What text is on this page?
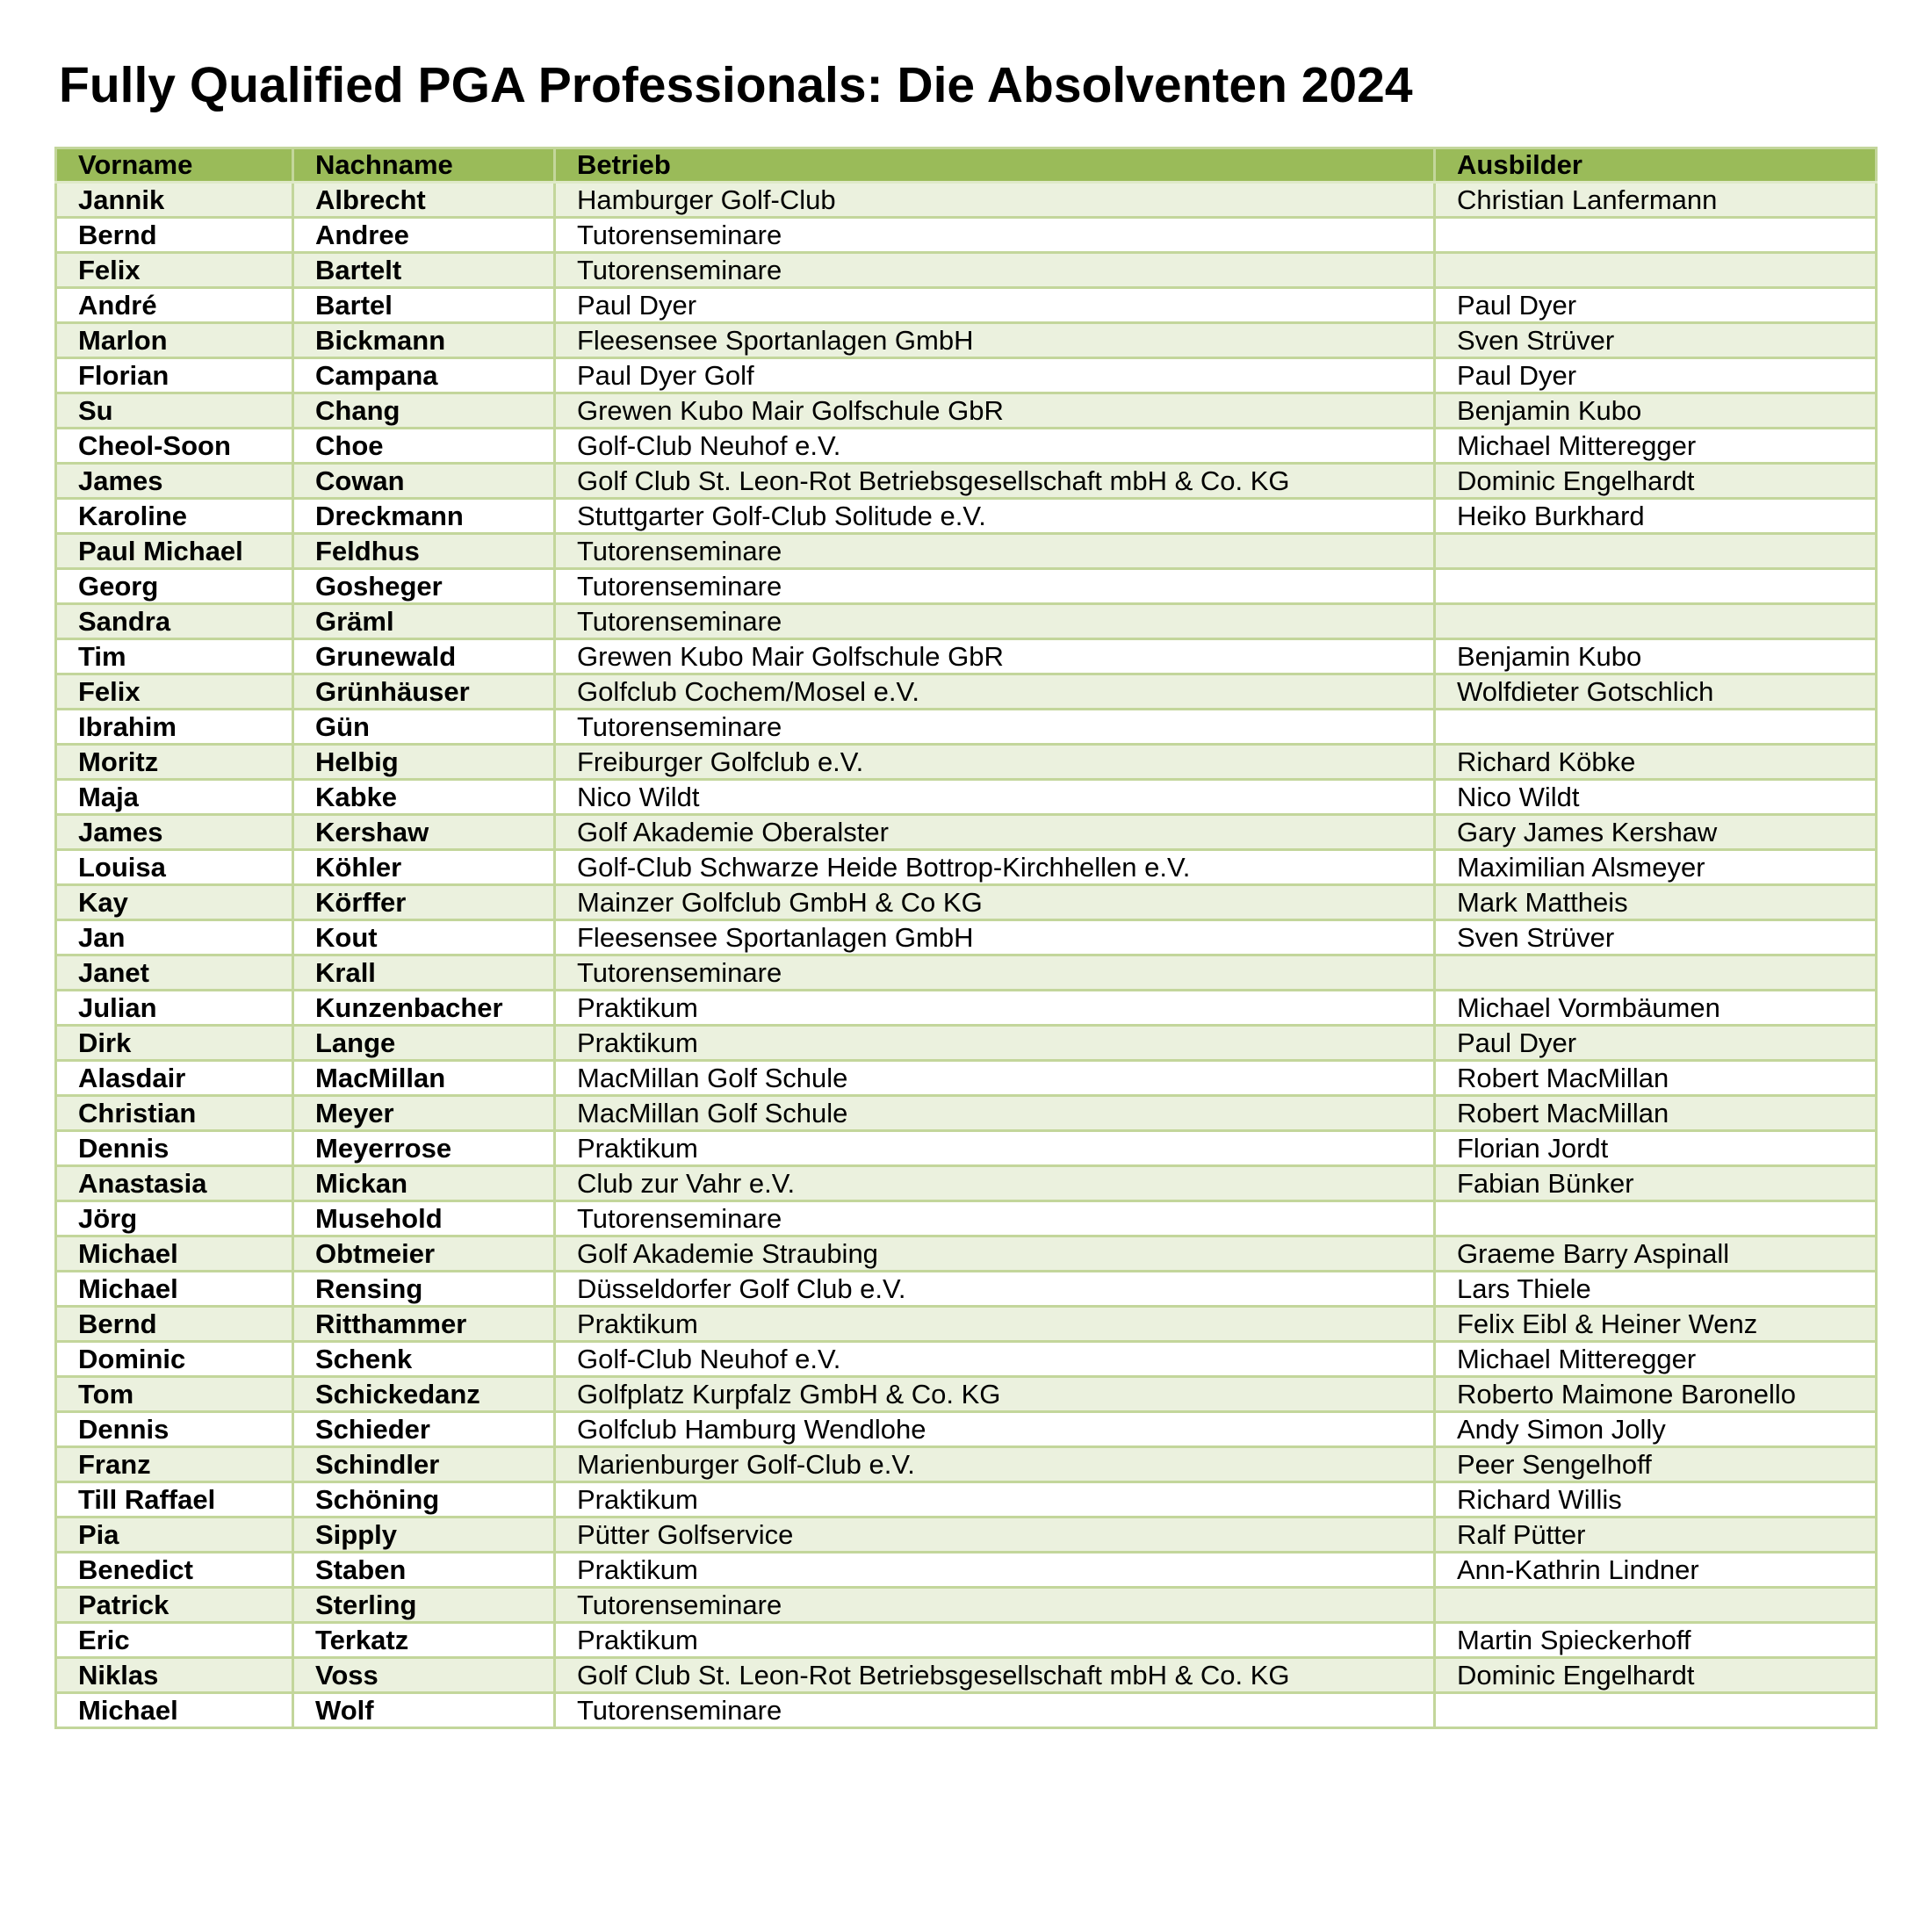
Fully Qualified PGA Professionals: Die Absolventen 2024
Vorname	Nachname	Betrieb	Ausbilder
Jannik	Albrecht	Hamburger Golf-Club	Christian Lanfermann
Bernd	Andree	Tutorenseminare	
Felix	Bartelt	Tutorenseminare	
André	Bartel	Paul Dyer	Paul Dyer
Marlon	Bickmann	Fleesensee Sportanlagen GmbH	Sven Strüver
Florian	Campana	Paul Dyer Golf	Paul Dyer
Su	Chang	Grewen Kubo Mair Golfschule GbR	Benjamin Kubo
Cheol-Soon	Choe	Golf-Club Neuhof e.V.	Michael Mitteregger
James	Cowan	Golf Club St. Leon-Rot Betriebsgesellschaft mbH & Co. KG	Dominic Engelhardt
Karoline	Dreckmann	Stuttgarter Golf-Club Solitude e.V.	Heiko Burkhard
Paul Michael	Feldhus	Tutorenseminare	
Georg	Gosheger	Tutorenseminare	
Sandra	Gräml	Tutorenseminare	
Tim	Grunewald	Grewen Kubo Mair Golfschule GbR	Benjamin Kubo
Felix	Grünhäuser	Golfclub Cochem/Mosel e.V.	Wolfdieter Gotschlich
Ibrahim	Gün	Tutorenseminare	
Moritz	Helbig	Freiburger Golfclub e.V.	Richard Köbke
Maja	Kabke	Nico Wildt	Nico Wildt
James	Kershaw	Golf Akademie Oberalster	Gary James Kershaw
Louisa	Köhler	Golf-Club Schwarze Heide Bottrop-Kirchhellen e.V.	Maximilian Alsmeyer
Kay	Körffer	Mainzer Golfclub GmbH & Co KG	Mark Mattheis
Jan	Kout	Fleesensee Sportanlagen GmbH	Sven Strüver
Janet	Krall	Tutorenseminare	
Julian	Kunzenbacher	Praktikum	Michael Vormbäumen
Dirk	Lange	Praktikum	Paul Dyer
Alasdair	MacMillan	MacMillan Golf Schule	Robert MacMillan
Christian	Meyer	MacMillan Golf Schule	Robert MacMillan
Dennis	Meyerrose	Praktikum	Florian Jordt
Anastasia	Mickan	Club zur Vahr e.V.	Fabian Bünker
Jörg	Musehold	Tutorenseminare	
Michael	Obtmeier	Golf Akademie Straubing	Graeme Barry Aspinall
Michael	Rensing	Düsseldorfer Golf Club e.V.	Lars Thiele
Bernd	Ritthammer	Praktikum	Felix Eibl & Heiner Wenz
Dominic	Schenk	Golf-Club Neuhof e.V.	Michael Mitteregger
Tom	Schickedanz	Golfplatz Kurpfalz GmbH & Co. KG	Roberto Maimone Baronello
Dennis	Schieder	Golfclub Hamburg Wendlohe	Andy Simon Jolly
Franz	Schindler	Marienburger Golf-Club e.V.	Peer Sengelhoff
Till Raffael	Schöning	Praktikum	Richard Willis
Pia	Sipply	Pütter Golfservice	Ralf Pütter
Benedict	Staben	Praktikum	Ann-Kathrin Lindner
Patrick	Sterling	Tutorenseminare	
Eric	Terkatz	Praktikum	Martin Spieckerhoff
Niklas	Voss	Golf Club St. Leon-Rot Betriebsgesellschaft mbH & Co. KG	Dominic Engelhardt
Michael	Wolf	Tutorenseminare	
